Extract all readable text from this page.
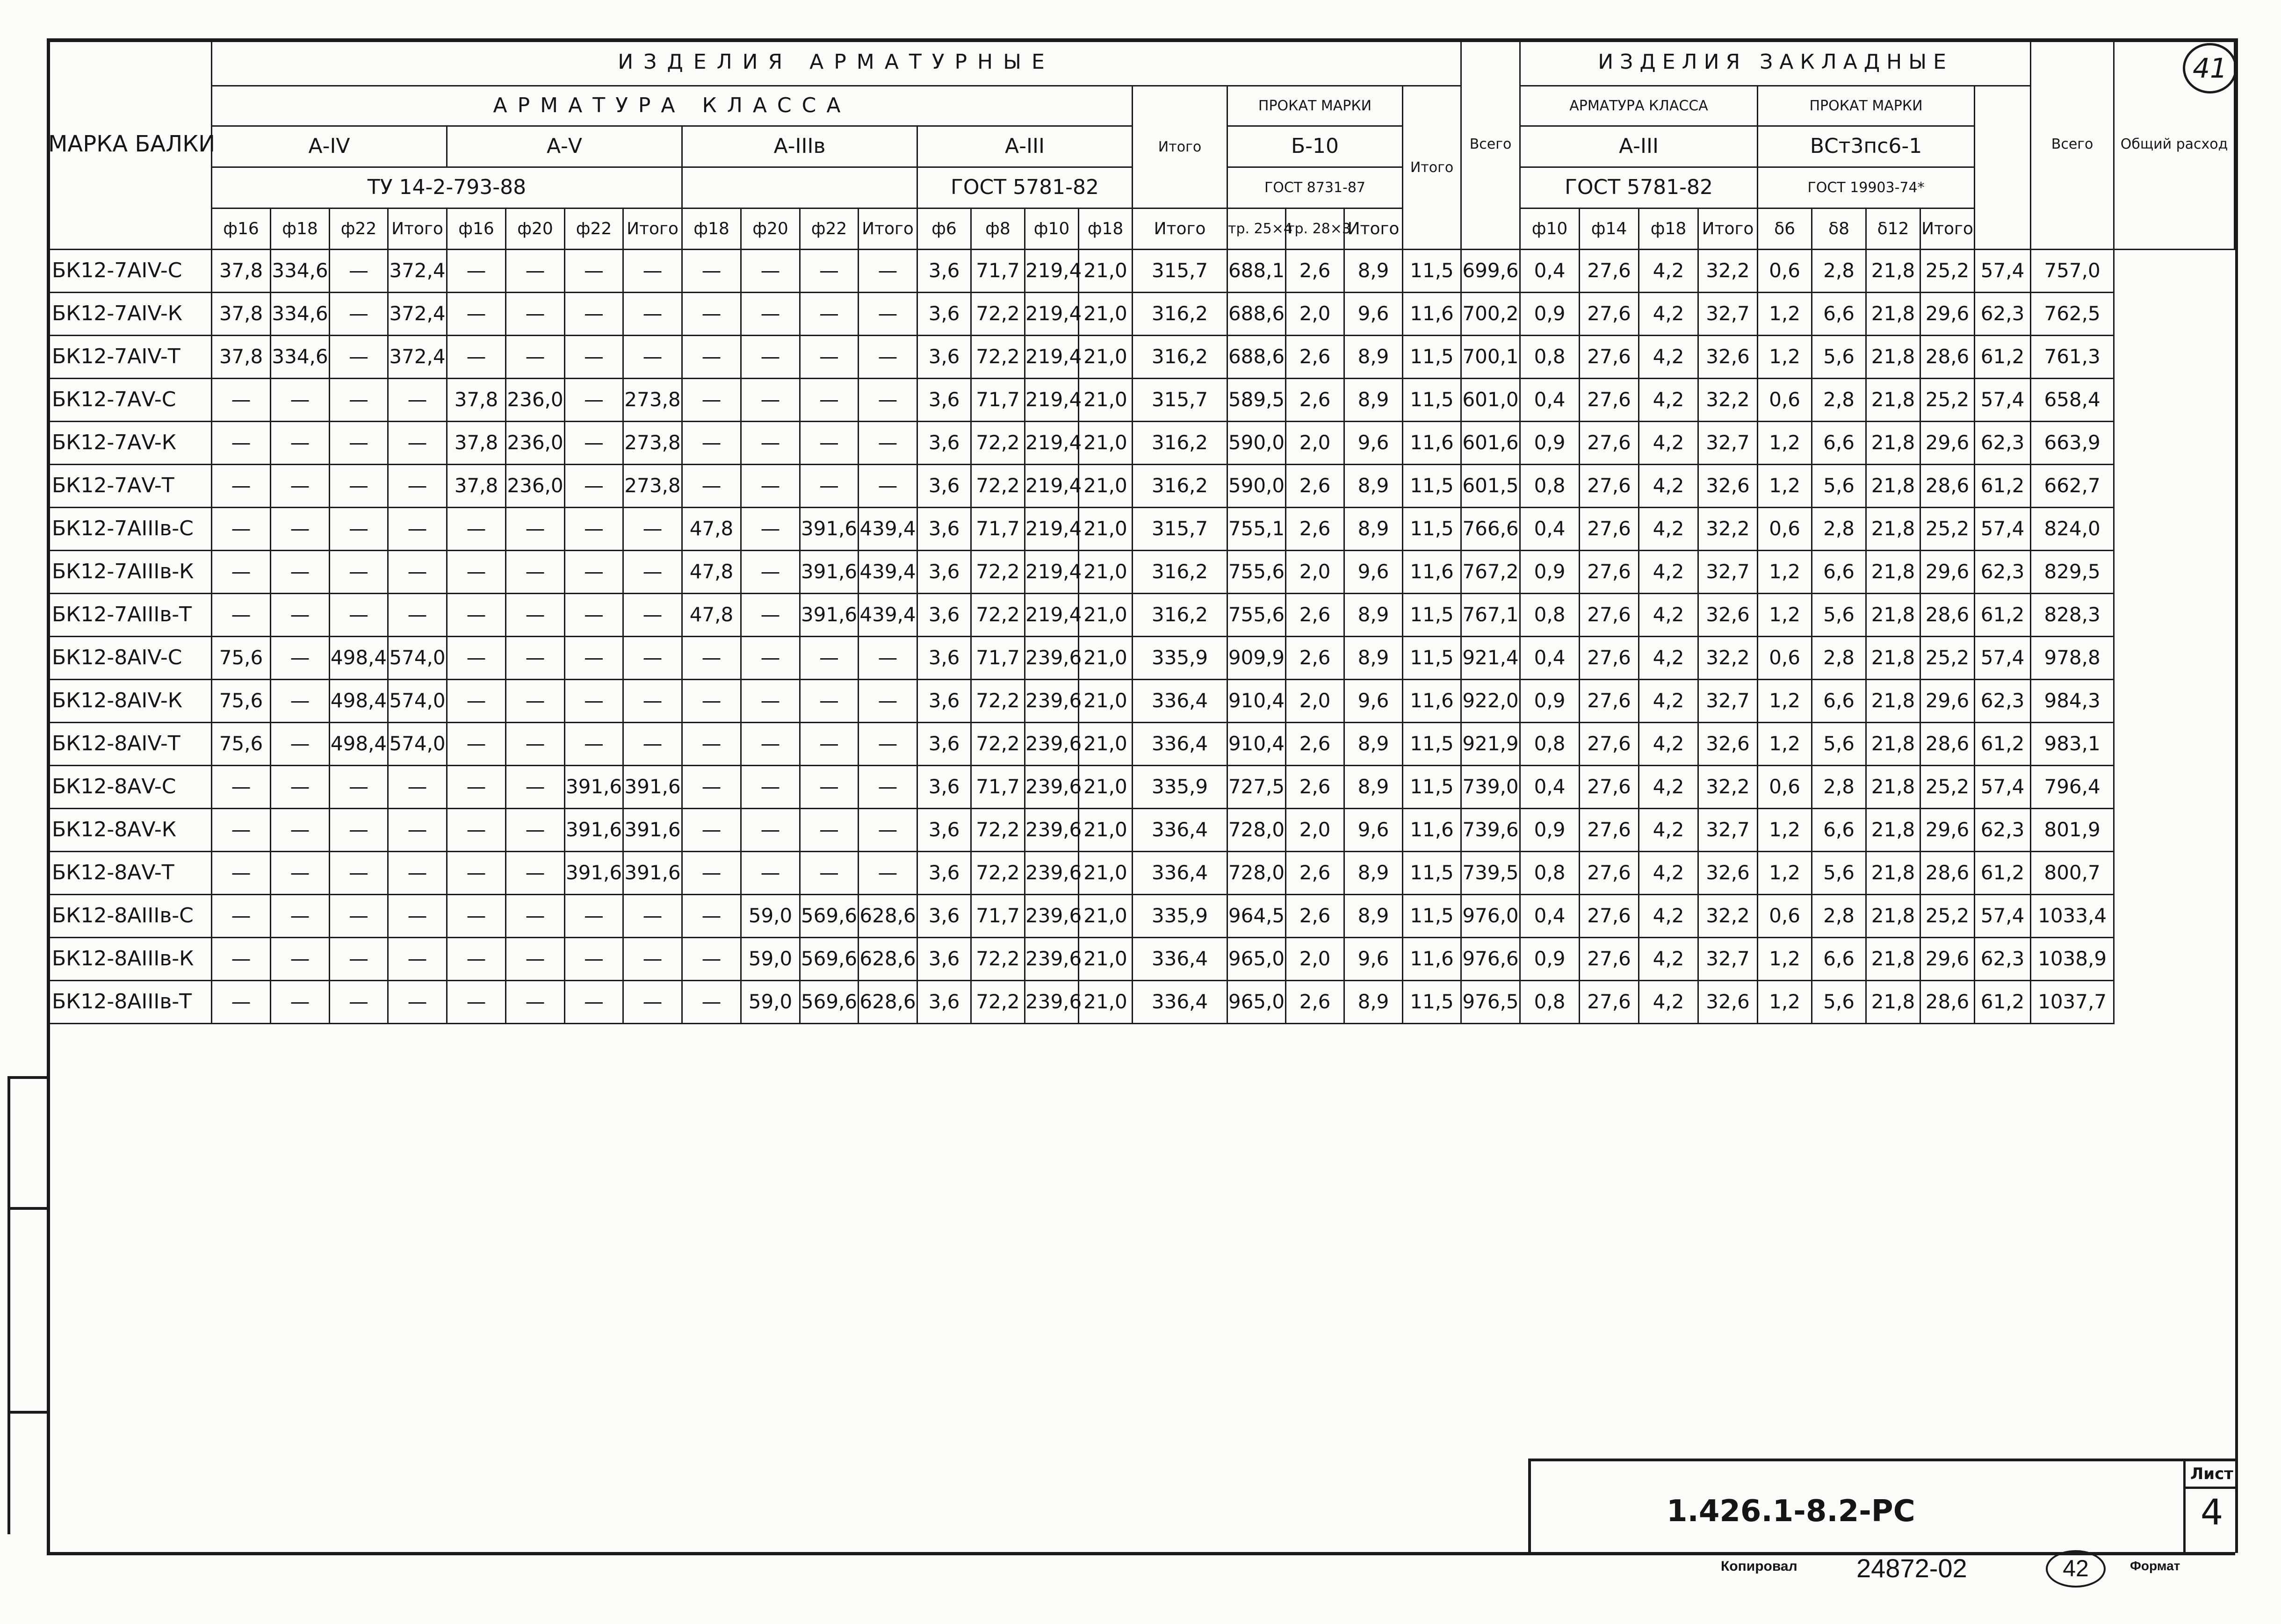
41
МАРКА БАЛКИ	ИЗДЕЛИЯ АРМАТУРНЫЕ																					Всего	ИЗДЕЛИЯ ЗАКЛАДНЫЕ									Всего	Общий расход
	АРМАТУРА КЛАССА																Итого	ПРОКАТ МАРКИ			Итого		АРМАТУРА КЛАССА				ПРОКАТ МАРКИ						
	А-IV				А-V				А-IIIв				А-III					Б-10					А-III				ВСт3пс6-1						
	ТУ 14-2-793-88												ГОСТ 5781-82					ГОСТ 8731-87					ГОСТ 5781-82				ГОСТ 19903-74*						
	ф16	ф18	ф22	Итого	ф16	ф20	ф22	Итого	ф18	ф20	ф22	Итого	ф6	ф8	ф10	ф18	Итого	тр. 25×4	тр. 28×3	Итого			ф10	ф14	ф18	Итого	δ6	δ8	δ12	Итого			
БК12-7АIV-С	37,8	334,6	—	372,4	—	—	—	—	—	—	—	—	3,6	71,7	219,4	21,0	315,7	688,1	2,6	8,9	11,5	699,6	0,4	27,6	4,2	32,2	0,6	2,8	21,8	25,2	57,4	757,0	
БК12-7АIV-К	37,8	334,6	—	372,4	—	—	—	—	—	—	—	—	3,6	72,2	219,4	21,0	316,2	688,6	2,0	9,6	11,6	700,2	0,9	27,6	4,2	32,7	1,2	6,6	21,8	29,6	62,3	762,5	
БК12-7АIV-Т	37,8	334,6	—	372,4	—	—	—	—	—	—	—	—	3,6	72,2	219,4	21,0	316,2	688,6	2,6	8,9	11,5	700,1	0,8	27,6	4,2	32,6	1,2	5,6	21,8	28,6	61,2	761,3	
БК12-7АV-С	—	—	—	—	37,8	236,0	—	273,8	—	—	—	—	3,6	71,7	219,4	21,0	315,7	589,5	2,6	8,9	11,5	601,0	0,4	27,6	4,2	32,2	0,6	2,8	21,8	25,2	57,4	658,4	
БК12-7АV-К	—	—	—	—	37,8	236,0	—	273,8	—	—	—	—	3,6	72,2	219,4	21,0	316,2	590,0	2,0	9,6	11,6	601,6	0,9	27,6	4,2	32,7	1,2	6,6	21,8	29,6	62,3	663,9	
БК12-7АV-Т	—	—	—	—	37,8	236,0	—	273,8	—	—	—	—	3,6	72,2	219,4	21,0	316,2	590,0	2,6	8,9	11,5	601,5	0,8	27,6	4,2	32,6	1,2	5,6	21,8	28,6	61,2	662,7	
БК12-7АIIIв-С	—	—	—	—	—	—	—	—	47,8	—	391,6	439,4	3,6	71,7	219,4	21,0	315,7	755,1	2,6	8,9	11,5	766,6	0,4	27,6	4,2	32,2	0,6	2,8	21,8	25,2	57,4	824,0	
БК12-7АIIIв-К	—	—	—	—	—	—	—	—	47,8	—	391,6	439,4	3,6	72,2	219,4	21,0	316,2	755,6	2,0	9,6	11,6	767,2	0,9	27,6	4,2	32,7	1,2	6,6	21,8	29,6	62,3	829,5	
БК12-7АIIIв-Т	—	—	—	—	—	—	—	—	47,8	—	391,6	439,4	3,6	72,2	219,4	21,0	316,2	755,6	2,6	8,9	11,5	767,1	0,8	27,6	4,2	32,6	1,2	5,6	21,8	28,6	61,2	828,3	
БК12-8АIV-С	75,6	—	498,4	574,0	—	—	—	—	—	—	—	—	3,6	71,7	239,6	21,0	335,9	909,9	2,6	8,9	11,5	921,4	0,4	27,6	4,2	32,2	0,6	2,8	21,8	25,2	57,4	978,8	
БК12-8АIV-К	75,6	—	498,4	574,0	—	—	—	—	—	—	—	—	3,6	72,2	239,6	21,0	336,4	910,4	2,0	9,6	11,6	922,0	0,9	27,6	4,2	32,7	1,2	6,6	21,8	29,6	62,3	984,3	
БК12-8АIV-Т	75,6	—	498,4	574,0	—	—	—	—	—	—	—	—	3,6	72,2	239,6	21,0	336,4	910,4	2,6	8,9	11,5	921,9	0,8	27,6	4,2	32,6	1,2	5,6	21,8	28,6	61,2	983,1	
БК12-8АV-С	—	—	—	—	—	—	391,6	391,6	—	—	—	—	3,6	71,7	239,6	21,0	335,9	727,5	2,6	8,9	11,5	739,0	0,4	27,6	4,2	32,2	0,6	2,8	21,8	25,2	57,4	796,4	
БК12-8АV-К	—	—	—	—	—	—	391,6	391,6	—	—	—	—	3,6	72,2	239,6	21,0	336,4	728,0	2,0	9,6	11,6	739,6	0,9	27,6	4,2	32,7	1,2	6,6	21,8	29,6	62,3	801,9	
БК12-8АV-Т	—	—	—	—	—	—	391,6	391,6	—	—	—	—	3,6	72,2	239,6	21,0	336,4	728,0	2,6	8,9	11,5	739,5	0,8	27,6	4,2	32,6	1,2	5,6	21,8	28,6	61,2	800,7	
БК12-8АIIIв-С	—	—	—	—	—	—	—	—	—	59,0	569,6	628,6	3,6	71,7	239,6	21,0	335,9	964,5	2,6	8,9	11,5	976,0	0,4	27,6	4,2	32,2	0,6	2,8	21,8	25,2	57,4	1033,4	
БК12-8АIIIв-К	—	—	—	—	—	—	—	—	—	59,0	569,6	628,6	3,6	72,2	239,6	21,0	336,4	965,0	2,0	9,6	11,6	976,6	0,9	27,6	4,2	32,7	1,2	6,6	21,8	29,6	62,3	1038,9	
БК12-8АIIIв-Т	—	—	—	—	—	—	—	—	—	59,0	569,6	628,6	3,6	72,2	239,6	21,0	336,4	965,0	2,6	8,9	11,5	976,5	0,8	27,6	4,2	32,6	1,2	5,6	21,8	28,6	61,2	1037,7	
1.426.1-8.2-РС
Лист
4
Копировал 24872-02	42	Формат
